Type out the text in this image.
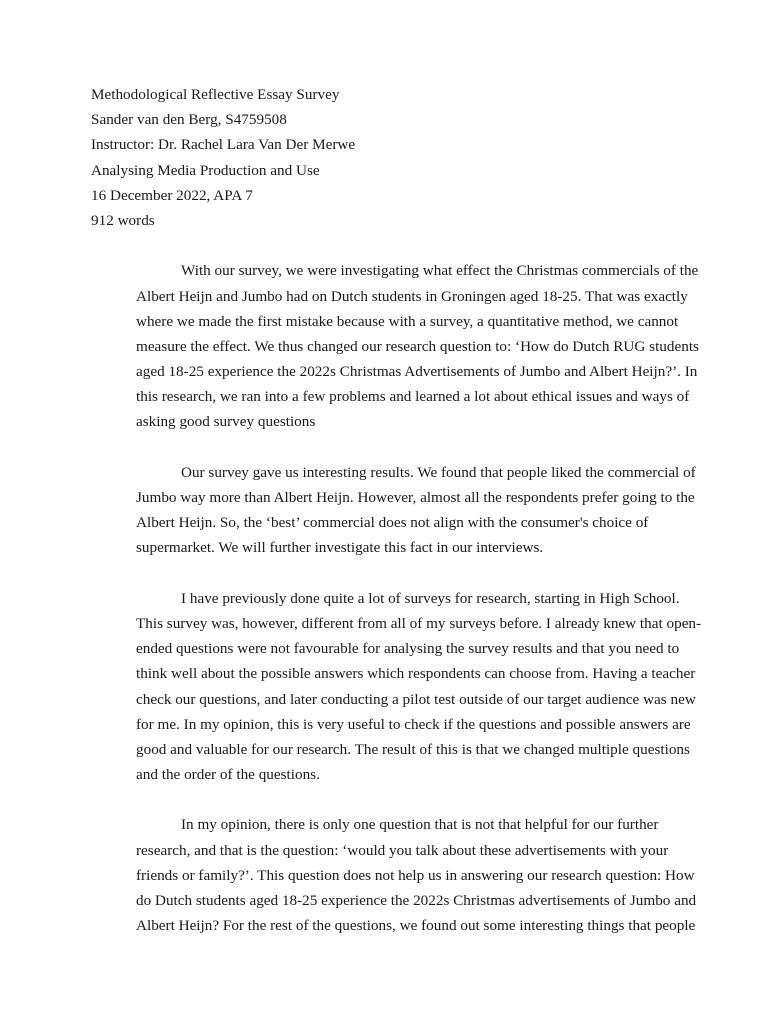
Methodological Reflective Essay Survey
Sander van den Berg, S4759508
Instructor: Dr. Rachel Lara Van Der Merwe
Analysing Media Production and Use
16 December 2022, APA 7
912 words
With our survey, we were investigating what effect the Christmas commercials of the
Albert Heijn and Jumbo had on Dutch students in Groningen aged 18-25. That was exactly
where we made the first mistake because with a survey, a quantitative method, we cannot
measure the effect. We thus changed our research question to: ‘How do Dutch RUG students
aged 18-25 experience the 2022s Christmas Advertisements of Jumbo and Albert Heijn?’. In
this research, we ran into a few problems and learned a lot about ethical issues and ways of
asking good survey questions
Our survey gave us interesting results. We found that people liked the commercial of
Jumbo way more than Albert Heijn. However, almost all the respondents prefer going to the
Albert Heijn. So, the ‘best’ commercial does not align with the consumer's choice of
supermarket. We will further investigate this fact in our interviews.
I have previously done quite a lot of surveys for research, starting in High School.
This survey was, however, different from all of my surveys before. I already knew that open-
ended questions were not favourable for analysing the survey results and that you need to
think well about the possible answers which respondents can choose from. Having a teacher
check our questions, and later conducting a pilot test outside of our target audience was new
for me. In my opinion, this is very useful to check if the questions and possible answers are
good and valuable for our research. The result of this is that we changed multiple questions
and the order of the questions.
In my opinion, there is only one question that is not that helpful for our further
research, and that is the question: ‘would you talk about these advertisements with your
friends or family?’. This question does not help us in answering our research question: How
do Dutch students aged 18-25 experience the 2022s Christmas advertisements of Jumbo and
Albert Heijn? For the rest of the questions, we found out some interesting things that people
